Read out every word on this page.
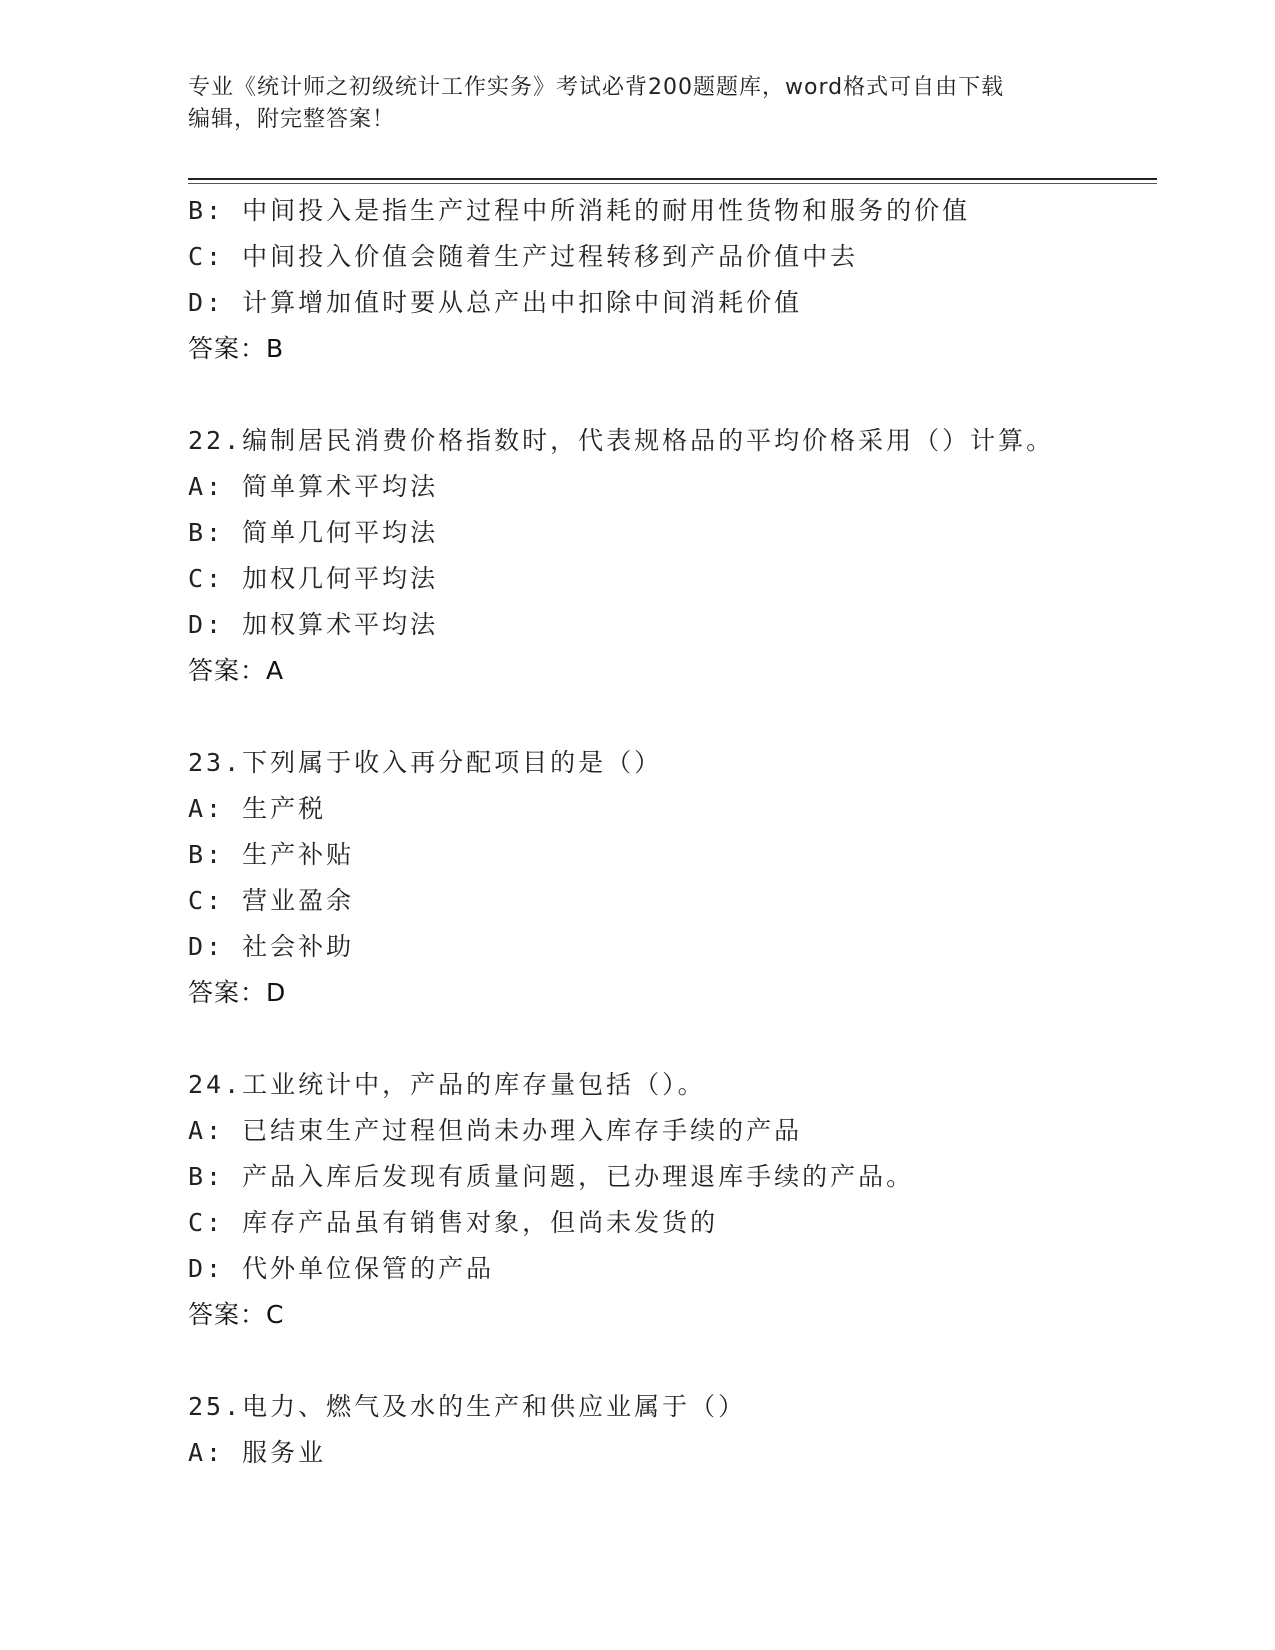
专业《统计师之初级统计工作实务》考试必背200题题库，word格式可自由下载
编辑，附完整答案！
B: 中间投入是指生产过程中所消耗的耐用性货物和服务的价值
C: 中间投入价值会随着生产过程转移到产品价值中去
D: 计算增加值时要从总产出中扣除中间消耗价值
答案：B
22.编制居民消费价格指数时，代表规格品的平均价格采用（）计算。
A: 简单算术平均法
B: 简单几何平均法
C: 加权几何平均法
D: 加权算术平均法
答案：A
23.下列属于收入再分配项目的是（）
A: 生产税
B: 生产补贴
C: 营业盈余
D: 社会补助
答案：D
24.工业统计中，产品的库存量包括（）。
A: 已结束生产过程但尚未办理入库存手续的产品
B: 产品入库后发现有质量问题，已办理退库手续的产品。
C: 库存产品虽有销售对象，但尚未发货的
D: 代外单位保管的产品
答案：C
25.电力、燃气及水的生产和供应业属于（）
A: 服务业
